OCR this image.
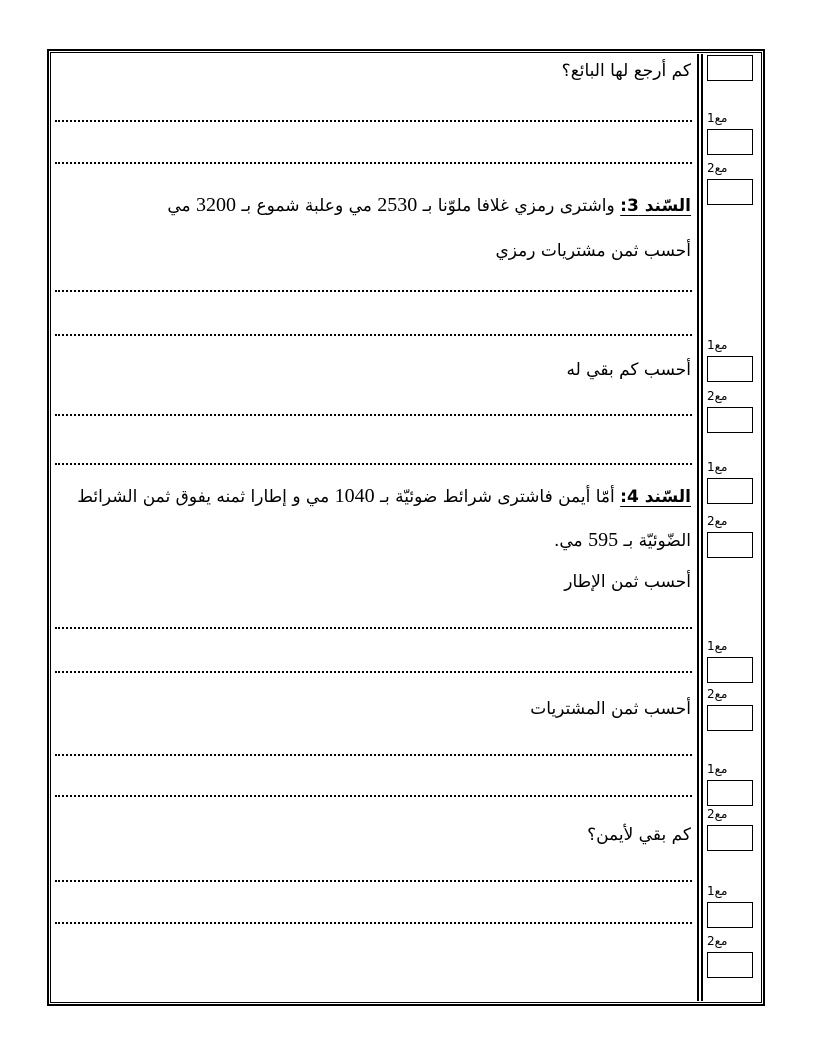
كم أرجع لها البائع؟
السّند 3: واشترى رمزي غلافا ملوّنا بـ 2530 مي وعلبة شموع بـ 3200 مي
أحسب ثمن مشتريات رمزي
أحسب كم بقي له
السّند 4: أمّا أيمن فاشترى شرائط ضوئيّة بـ 1040 مي و إطارا ثمنه يفوق ثمن الشرائط
الضّوئيّة بـ 595 مي.
أحسب ثمن الإطار
أحسب ثمن المشتريات
كم بقي لأيمن؟
مع1
مع2
مع1
مع2
مع1
مع2
مع1
مع2
مع1
مع2
مع1
مع2
